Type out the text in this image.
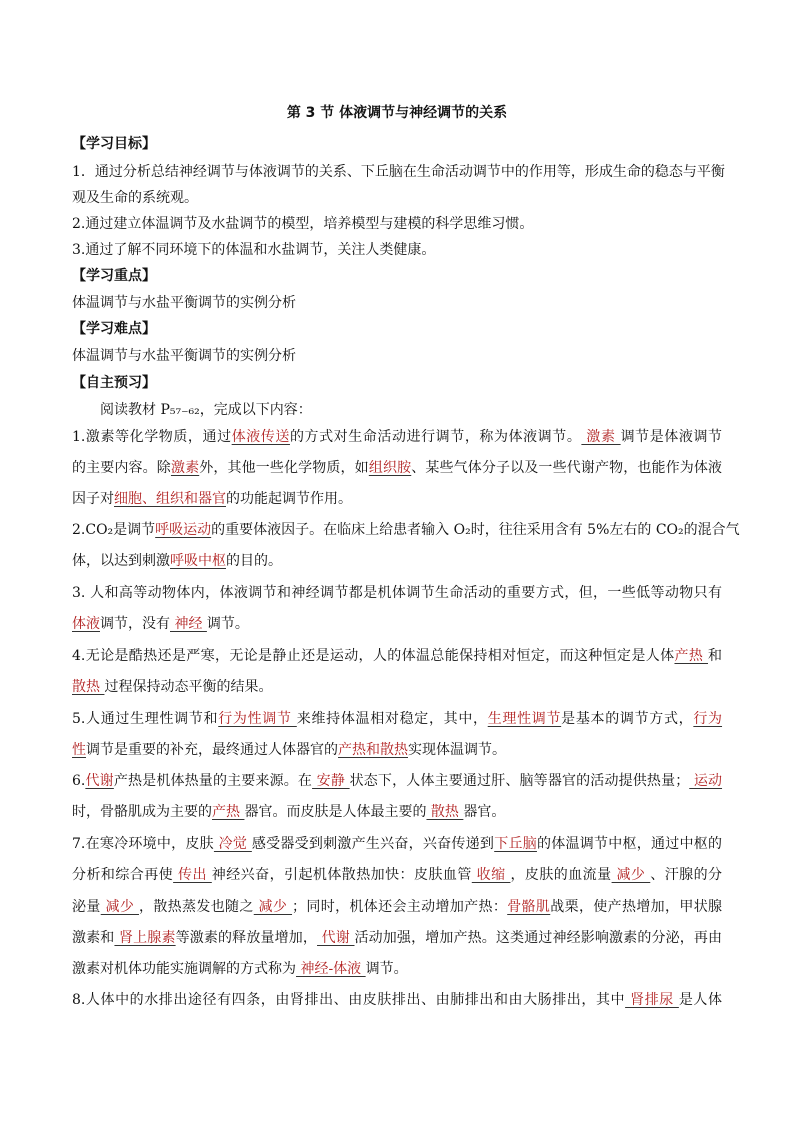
第 3 节 体液调节与神经调节的关系
【学习目标】
1．通过分析总结神经调节与体液调节的关系、下丘脑在生命活动调节中的作用等，形成生命的稳态与平衡
观及生命的系统观。
2.通过建立体温调节及水盐调节的模型，培养模型与建模的科学思维习惯。
3.通过了解不同环境下的体温和水盐调节，关注人类健康。
【学习重点】
体温调节与水盐平衡调节的实例分析
【学习难点】
体温调节与水盐平衡调节的实例分析
【自主预习】
阅读教材 P₅₇₋₆₂，完成以下内容：
1.激素等化学物质，通过体液传送的方式对生命活动进行调节，称为体液调节。 激素 调节是体液调节
的主要内容。除激素外，其他一些化学物质，如组织胺、某些气体分子以及一些代谢产物，也能作为体液
因子对细胞、组织和器官的功能起调节作用。
2.CO₂是调节呼吸运动的重要体液因子。在临床上给患者输入 O₂时，往往采用含有 5%左右的 CO₂的混合气
体，以达到刺激呼吸中枢的目的。
3. 人和高等动物体内，体液调节和神经调节都是机体调节生命活动的重要方式，但，一些低等动物只有
体液调节，没有 神经 调节。
4.无论是酷热还是严寒，无论是静止还是运动，人的体温总能保持相对恒定，而这种恒定是人体产热 和
散热 过程保持动态平衡的结果。
5.人通过生理性调节和行为性调节 来维持体温相对稳定，其中，生理性调节是基本的调节方式，行为
性调节是重要的补充，最终通过人体器官的产热和散热实现体温调节。
6.代谢产热是机体热量的主要来源。在 安静 状态下，人体主要通过肝、脑等器官的活动提供热量； 运动
时，骨骼肌成为主要的产热 器官。而皮肤是人体最主要的 散热 器官。
7.在寒冷环境中，皮肤 冷觉 感受器受到刺激产生兴奋，兴奋传递到下丘脑的体温调节中枢，通过中枢的
分析和综合再使 传出 神经兴奋，引起机体散热加快：皮肤血管 收缩 ，皮肤的血流量 减少 、汗腺的分
泌量 减少 ，散热蒸发也随之 减少 ；同时，机体还会主动增加产热：骨骼肌战栗，使产热增加，甲状腺
激素和 肾上腺素等激素的释放量增加， 代谢 活动加强，增加产热。这类通过神经影响激素的分泌，再由
激素对机体功能实施调解的方式称为 神经-体液 调节。
8.人体中的水排出途径有四条，由肾排出、由皮肤排出、由肺排出和由大肠排出，其中 肾排尿 是人体
